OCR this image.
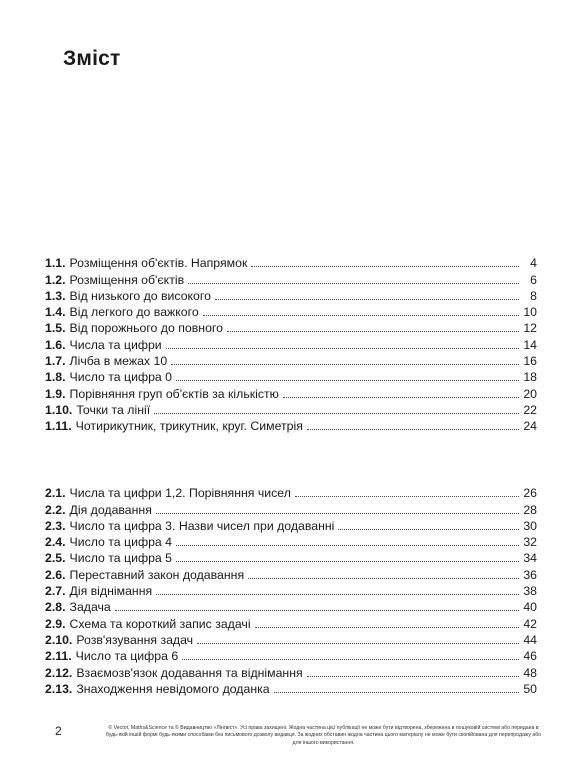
Зміст
1.1. Розміщення об'єктів. Напрямок	4
1.2. Розміщення об'єктів	6
1.3. Від низького до високого	8
1.4. Від легкого до важкого	10
1.5. Від порожнього до повного	12
1.6. Числа та цифри	14
1.7. Лічба в межах 10	16
1.8. Число та цифра 0	18
1.9. Порівняння груп об'єктів за кількістю	20
1.10. Точки та лінії	22
1.11. Чотирикутник, трикутник, круг. Симетрія	24
2.1. Числа та цифри 1,2. Порівняння чисел	26
2.2. Дія додавання	28
2.3. Число та цифра 3. Назви чисел при додаванні	30
2.4. Число та цифра 4	32
2.5. Число та цифра 5	34
2.6. Переставний закон додавання	36
2.7. Дія віднімання	38
2.8. Задача	40
2.9. Схема та короткий запис задачі	42
2.10. Розв'язування задач	44
2.11. Число та цифра 6	46
2.12. Взаємозв'язок додавання та віднімання	48
2.13. Знаходження невідомого доданка	50
2	© Vector, Maths&Science та © Видавництво «Лінгвіст». Усі права захищені. Жодна частина цієї публікації не може бути відтворена, збережена в пошуковій системі або передана в будь-якій іншій формі будь-якими способами без письмового дозволу видавця. За жодних обставин жодна частина цього матеріалу не може бути скопійована для перепродажу або для іншого використання.
